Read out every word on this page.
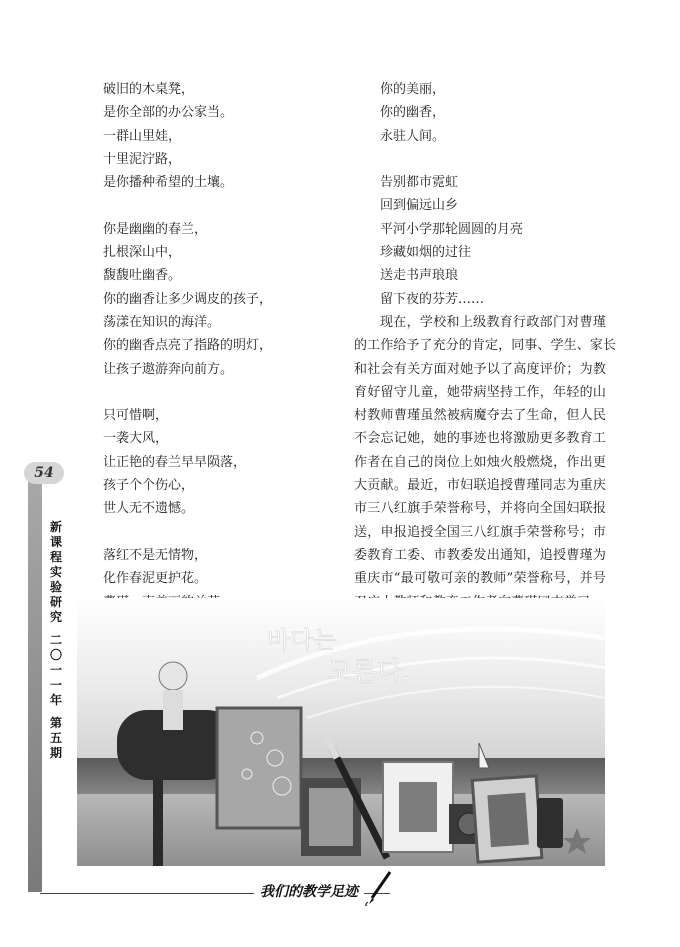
破旧的木桌凳，
是你全部的办公家当。
一群山里娃，
十里泥泞路，
是你播种希望的土壤。
你是幽幽的春兰，
扎根深山中，
馥馥吐幽香。
你的幽香让多少调皮的孩子，
荡漾在知识的海洋。
你的幽香点亮了指路的明灯，
让孩子遨游奔向前方。
只可惜啊，
一袭大风，
让正艳的春兰早早陨落，
孩子个个伤心，
世人无不遗憾。
落红不是无情物，
化作春泥更护花。
你的美丽，
你的幽香，
永驻人间。
告别都市霓虹
回到偏远山乡
平河小学那轮圆圆的月亮
珍藏如烟的过往
送走书声琅琅
留下夜的芬芳……
现在，学校和上级教育行政部门对曹瑾
的工作给予了充分的肯定，同事、学生、家长
和社会有关方面对她予以了高度评价；为教
育好留守儿童，她带病坚持工作，年轻的山
村教师曹瑾虽然被病魔夺去了生命，但人民
不会忘记她，她的事迹也将激励更多教育工
作者在自己的岗位上如烛火般燃烧，作出更
大贡献。最近，市妇联追授曹瑾同志为重庆
市三八红旗手荣誉称号，并将向全国妇联报
送，申报追授全国三八红旗手荣誉称号；市
委教育工委、市教委发出通知，追授曹瑾为
重庆市“最可敬可亲的教师”荣誉称号，并号
54
新
课
程
实
验
研
究
二
〇
一
一
年
第
五
期
바다는
모른다.
我们的教学足迹
